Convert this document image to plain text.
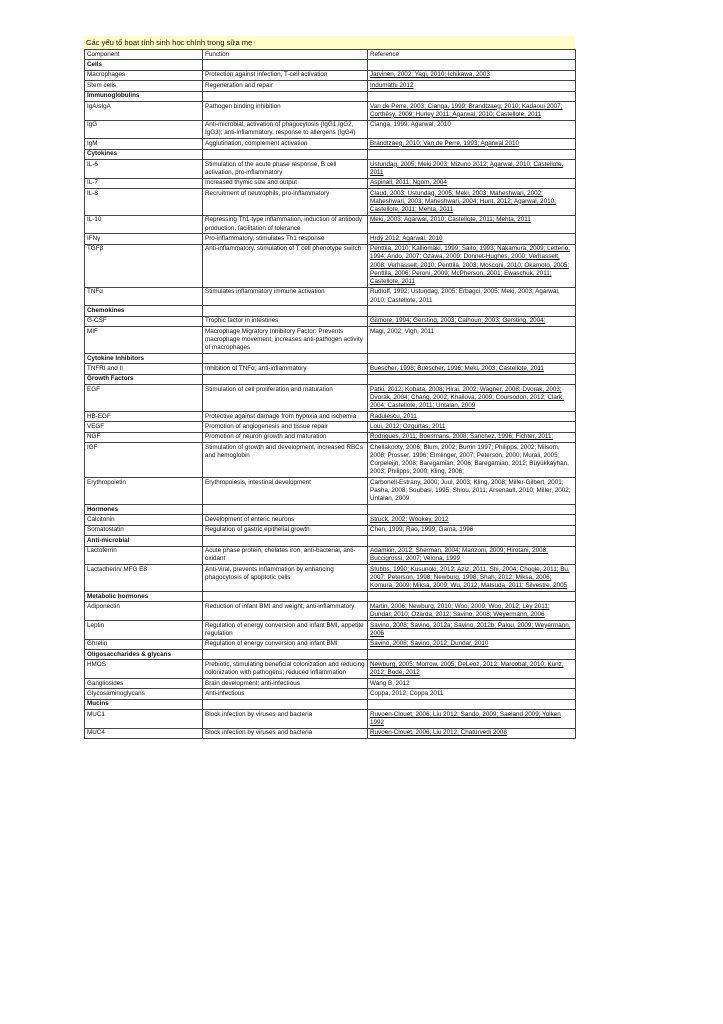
Các yếu tố hoạt tính sinh học chính trong sữa mẹ
Component	Function	Reference
Cells		
Macrophages	Protection against infection, T-cell activation	Jarvinen, 2002; Yagi, 2010; Ichikawa, 2003
Stem cells	Regeneration and repair	Indumathi 2012
Immunoglobulins		
IgA/sIgA	Pathogen binding inhibition	Van de Perre, 2003; Cianga, 1999; Brandtzaeg, 2010; Kadaoui 2007; Corthësy, 2009; Hurley 2011; Agarwal, 2010; Castellote, 2011
IgG	Anti-microbial, activation of phagocytosis (IgG1,IgG2, IgG3); anti-inflammatory, response to allergens (IgG4)	Cianga, 1999; Agarwal, 2010
IgM	Agglutination, complement activation	Brandtzaeg, 2010; Van de Perre, 1993; Agarwal 2010
Cytokines		
IL-6	Stimulation of the acute phase response, B cell activation, pro-inflammatory	Ustundag, 2005; Meki 2003; Mizuno 2012; Agarwal, 2010; Castellote, 2011
IL-7	Increased thymic size and output	Aspinall, 2011; Ngom, 2004
IL-8	Recruitment of neutrophils, pro-inflammatory	Claud, 2003; Ustundag, 2005; Meki, 2003; Maheshwari, 2002; Maheshwari, 2003; Maheshwari, 2004; Hunt, 2012; Agarwal, 2010; Castellote, 2011; Mehta, 2011
IL-10	Repressing Th1-type inflammation, induction of antibody production, facilitation of tolerance	Meki, 2003; Agarwal, 2010; Castellote, 2011; Mehta, 2011
IFNγ	Pro-inflammatory, stimulates Th1 response	Hrdý 2012; Agarwal, 2010
TGFβ	Anti-inflammatory, stimulation of T cell phenotype switch	Penttila, 2010; Kalliomäki, 1999; Saito, 1993; Nakamura, 2009; Letterio, 1994; Ando, 2007; Ozawa, 2009; Donnet-Hughes, 2000; Verhasselt, 2008; Verhasselt, 2010; Penttila, 2003; Mosconi, 2010; Okamoto, 2005; Penttila, 2006; Peroni, 2009; McPherson, 2001; Ewaschuk, 2011; Castellote, 2011
TNFα	Stimulates inflammatory immune activation	Rudloff, 1992; Ustundag, 2005; Erbagci, 2005; Meki, 2003; Agarwal, 2010; Castellote, 2011
Chemokines		
G-CSF	Trophic factor in intestines	Gilmore, 1994; Gersting, 2003; Calhoun, 2003; Gersting, 2004;
MIF	Macrophage Migratory Inhibitory Factor: Prevents macrophage movement, increases anti-pathogen activity of macrophages	Magi, 2002; Vigh, 2011
Cytokine Inhibitors		
TNFRI and II	Inhibition of TNFα; anti-inflammatory	Buescher, 1998; Buescher, 1996; Meki, 2003; Castellote, 2011
Growth Factors		
EGF	Stimulation of cell proliferation and maturation	Patki, 2012; Kobata, 2008; Hirai, 2002; Wagner, 2008; Dvorak, 2003; Dvorak, 2004; Chang, 2002; Khailova, 2009; Coursodon, 2012; Clark, 2004; Castellote, 2011; Untalan, 2009
HB-EGF	Protective against damage from hypoxia and ischemia	Radulescu, 2011
VEGF	Promotion of angiogenesis and tissue repair	Loui, 2012; Ozgurtas, 2011
NGF	Promotion of neuron growth and maturation	Rodrigues, 2011; Boesmans, 2008; Sanchez, 1996; Fichter, 2011;
IGF	Stimulation of growth and development, increased RBCs and hemoglobin	Chellakooty, 2006; Blum, 2002; Burrin 1997; Philipps, 2002; Milsom, 2008; Prosser, 1996; Elmlinger, 2007; Peterson, 2000; Murali, 2005; Corpeleijn, 2008; Baregamian, 2006; Baregamian, 2012; Büyükkayhan, 2003; Philipps, 2000; Kling, 2006;
Erythropoietin	Erythropoiesis, intestinal development	Carbonell-Estrany, 2000; Juul, 2003; Kling, 2008; Miller-Gilbert, 2001; Pasha, 2008; Soubasi, 1995; Shiou, 2011; Arsenault, 2010; Miller, 2002; Untalan, 2009
Hormones		
Calcitonin	Development of enteric neurons	Struck, 2002; Wookey, 2012
Somatostatin	Regulation of gastric epithelial growth	Chen, 1999; Rao, 1999; Gama, 1996
Anti-microbial		
Lactoferrin	Acute phase protein, chelates iron, anti-bacterial, anti-oxidant	Adamkin, 2012; Sherman, 2004; Manzoni, 2009; Hirotani, 2008; Buccigrossi, 2007; Velona, 1999
Lactadherin/ MFG E8	Anti-viral, prevents inflammation by enhancing phagocytosis of apoptotic cells	Stubbs, 1990; Kusunoki, 2012; Aziz, 2011; Shi, 2004; Chogle, 2011; Bu, 2007; Peterson, 1998; Newburg, 1998; Shah, 2012; Miksa, 2006; Komura, 2009; Miksa, 2009; Wu, 2012; Matsuda, 2011; Silvestre, 2005
Metabolic hormones		
Adiponectin	Reduction of infant BMI and weight, anti-inflammatory	Martin, 2006; Newburg, 2010; Woo, 2009; Woo, 2012; Ley 2011; Dundar, 2010; Ozarda, 2012; Savino, 2008; Weyermann, 2006
Leptin	Regulation of energy conversion and infant BMI, appetite regulation	Savino, 2008; Savino, 2012a; Savino, 2012b; Palou, 2009; Weyermann, 2006
Ghrelin	Regulation of energy conversion and infant BMI	Savino, 2008; Savino, 2012; Dundar, 2010
Oligosaccharides & glycans		
HMOS	Prebiotic, stimulating beneficial colonization and reducing colonization with pathogens; reduced inflammation	Newburg, 2005; Morrow, 2005; DeLeoz, 2012; Marcobal, 2010; Kunz, 2012; Bode, 2012
Gangliosides	Brain development; anti-infectious	Wang B, 2012
Glycosaminoglycans	Anti-infectious	Coppa, 2012; Coppa 2011
Mucins		
MUC1	Block infection by viruses and bacteria	Ruvoen-Clouet, 2006; Liu 2012; Sando, 2009; Saeland 2009; Yolken 1992
MUC4	Block infection by viruses and bacteria	Ruvoen-Clouet, 2006; Liu 2012; Chaturvedi 2008
